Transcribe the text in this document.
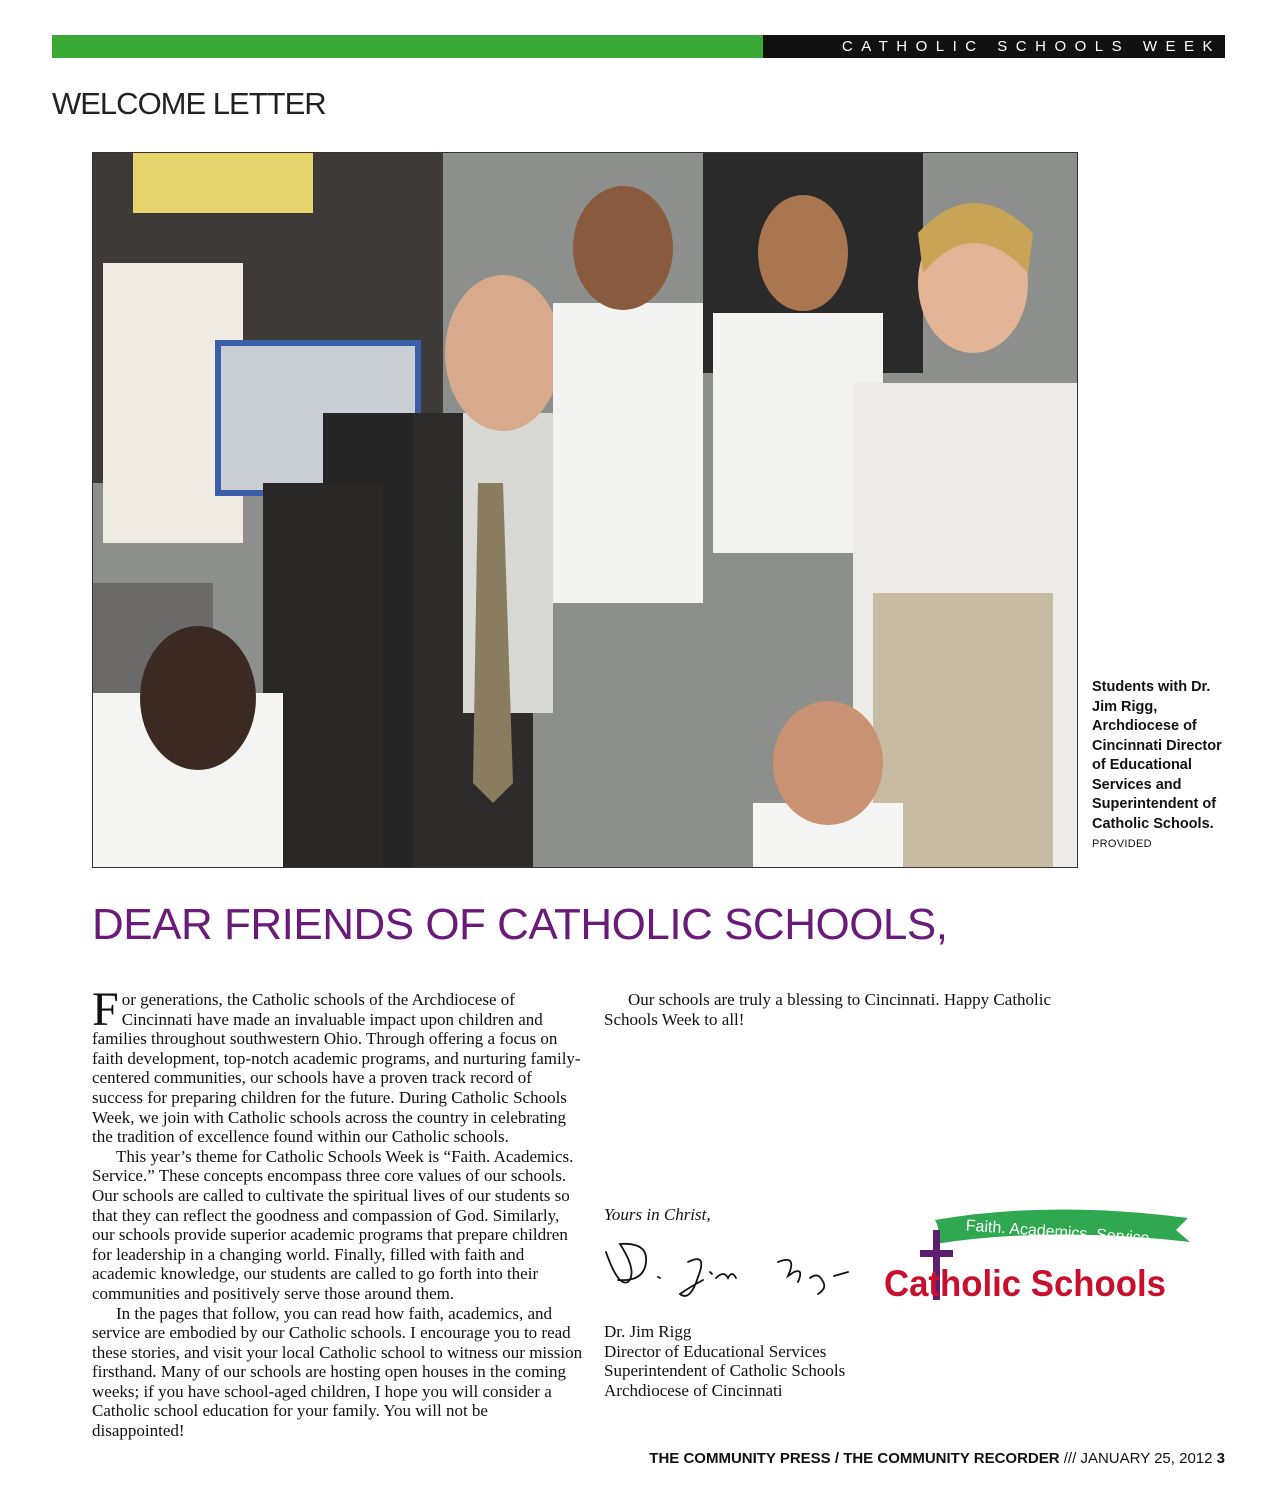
CATHOLIC SCHOOLS WEEK
WELCOME LETTER
Students with Dr. Jim Rigg, Archdiocese of Cincinnati Director of Educational Services and Superintendent of Catholic Schools. PROVIDED
DEAR FRIENDS OF CATHOLIC SCHOOLS,

For generations, the Catholic schools of the Archdiocese of Cincinnati have made an invaluable impact upon children and families throughout southwestern Ohio. Through offering a focus on faith development, top-notch academic programs, and nurturing family-centered communities, our schools have a proven track record of success for preparing children for the future. During Catholic Schools Week, we join with Catholic schools across the country in celebrating the tradition of excellence found within our Catholic schools.

This year’s theme for Catholic Schools Week is “Faith. Academics. Service.” These concepts encompass three core values of our schools. Our schools are called to cultivate the spiritual lives of our students so that they can reflect the goodness and compassion of God. Similarly, our schools provide superior academic programs that prepare children for leadership in a changing world. Finally, filled with faith and academic knowledge, our students are called to go forth into their communities and positively serve those around them.

In the pages that follow, you can read how faith, academics, and service are embodied by our Catholic schools. I encourage you to read these stories, and visit your local Catholic school to witness our mission firsthand. Many of our schools are hosting open houses in the coming weeks; if you have school-aged children, I hope you will consider a Catholic school education for your family. You will not be disappointed!

Our schools are truly a blessing to Cincinnati. Happy Catholic Schools Week to all!

Yours in Christ,
Dr. Jim Rigg
Director of Educational Services
Superintendent of Catholic Schools
Archdiocese of Cincinnati
Faith. Academics. Service.
Catholic Schools
THE COMMUNITY PRESS / THE COMMUNITY RECORDER /// JANUARY 25, 2012 3
